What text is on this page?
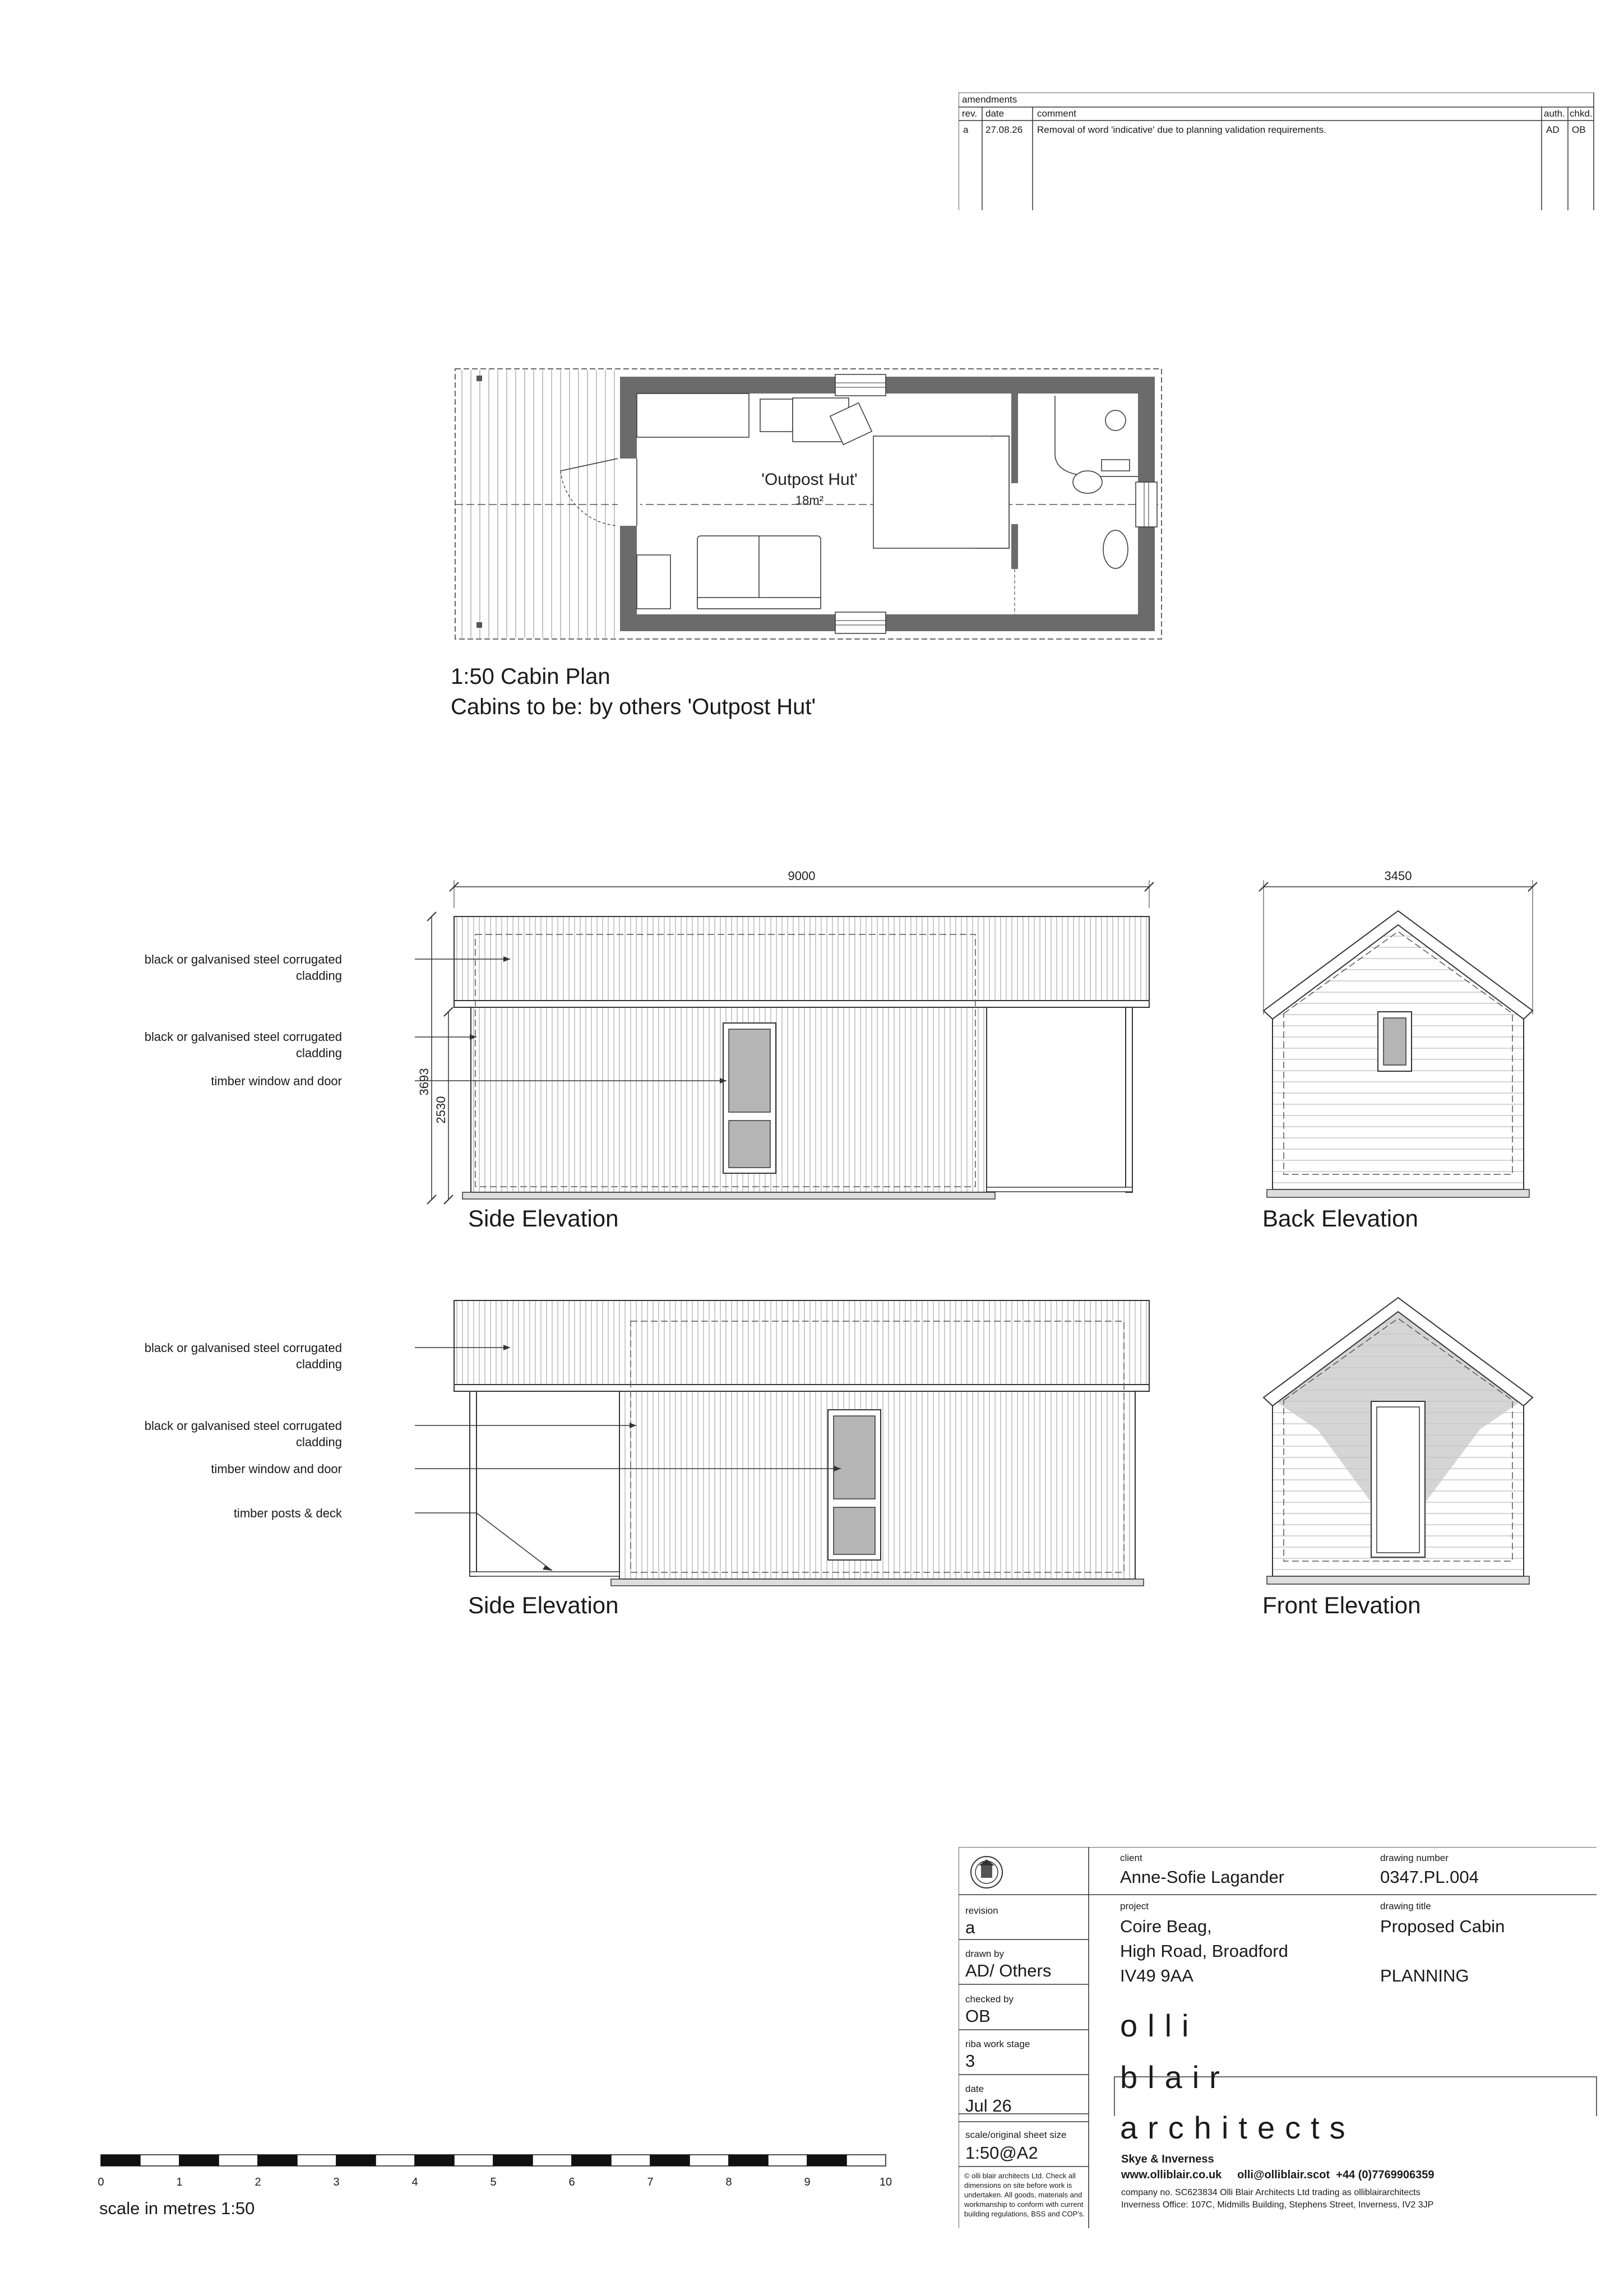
amendments
rev. date	comment	auth. chkd.
a 27.08.26 Removal of word 'indicative' due to planning validation requirements.	AD OB
'Outpost Hut'
18m²
1:50 Cabin Plan
Cabins to be: by others 'Outpost Hut'
9000
3693
2530
black or galvanised steel corrugated cladding
black or galvanised steel corrugated cladding
timber window and door
Side Elevation
3450
Back Elevation
black or galvanised steel corrugated cladding
black or galvanised steel corrugated cladding
timber window and door
timber posts & deck
Side Elevation	Front Elevation
revision
a
drawn by
AD/ Others
checked by
OB
riba work stage
3
date
Jul 26
client
Anne-Sofie Lagander
drawing number
0347.PL.004
project
Coire Beag,
High Road, Broadford
IV49 9AA
drawing title
Proposed Cabin
PLANNING
olli
blair
scale/original sheet size
1:50@A2
© olli blair architects Ltd. Check all dimensions on site before work is undertaken. All goods, materials and workmanship to conform with current building regulations, BSS and COP's.
architects
Skye & Inverness
www.olliblair.co.uk     olli@olliblair.scot  +44 (0)7769906359
company no. SC623834 Olli Blair Architects Ltd trading as olliblairarchitects
Inverness Office: 107C, Midmills Building, Stephens Street, Inverness, IV2 3JP
0	1	2	3	4	5	6	7	8	9	10
scale in metres 1:50
